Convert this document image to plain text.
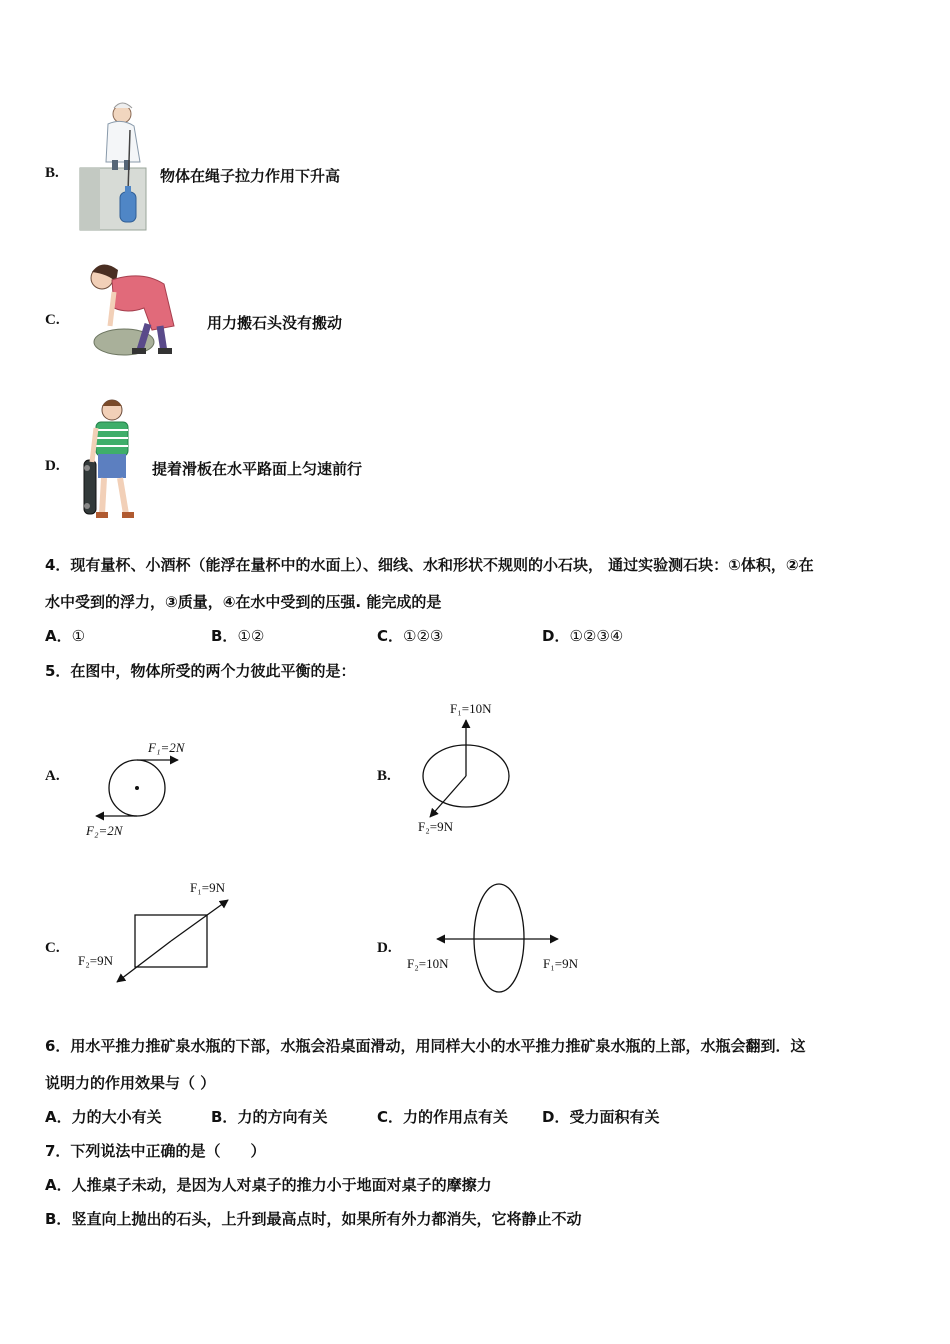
B.	物体在绳子拉力作用下升高
C.	用力搬石头没有搬动
D.	提着滑板在水平路面上匀速前行
4．现有量杯、小酒杯（能浮在量杯中的水面上）、细线、水和形状不规则的小石块， 通过实验测石块：①体积，②在
水中受到的浮力，③质量，④在水中受到的压强. 能完成的是
A．①	B．①②	C．①②③	D．①②③④
5．在图中，物体所受的两个力彼此平衡的是：
A.
F₁=2N
F₂=2N
B.
F₁=10N
F₂=9N
C.
F₁=9N
F₂=9N
D.
F₁=9N
F₂=10N
6．用水平推力推矿泉水瓶的下部，水瓶会沿桌面滑动，用同样大小的水平推力推矿泉水瓶的上部，水瓶会翻到．这
说明力的作用效果与（ ）
A．力的大小有关	B．力的方向有关	C．力的作用点有关 D．受力面积有关
7．下列说法中正确的是（　　）
A．人推桌子未动，是因为人对桌子的推力小于地面对桌子的摩擦力
B．竖直向上抛出的石头，上升到最高点时，如果所有外力都消失，它将静止不动
